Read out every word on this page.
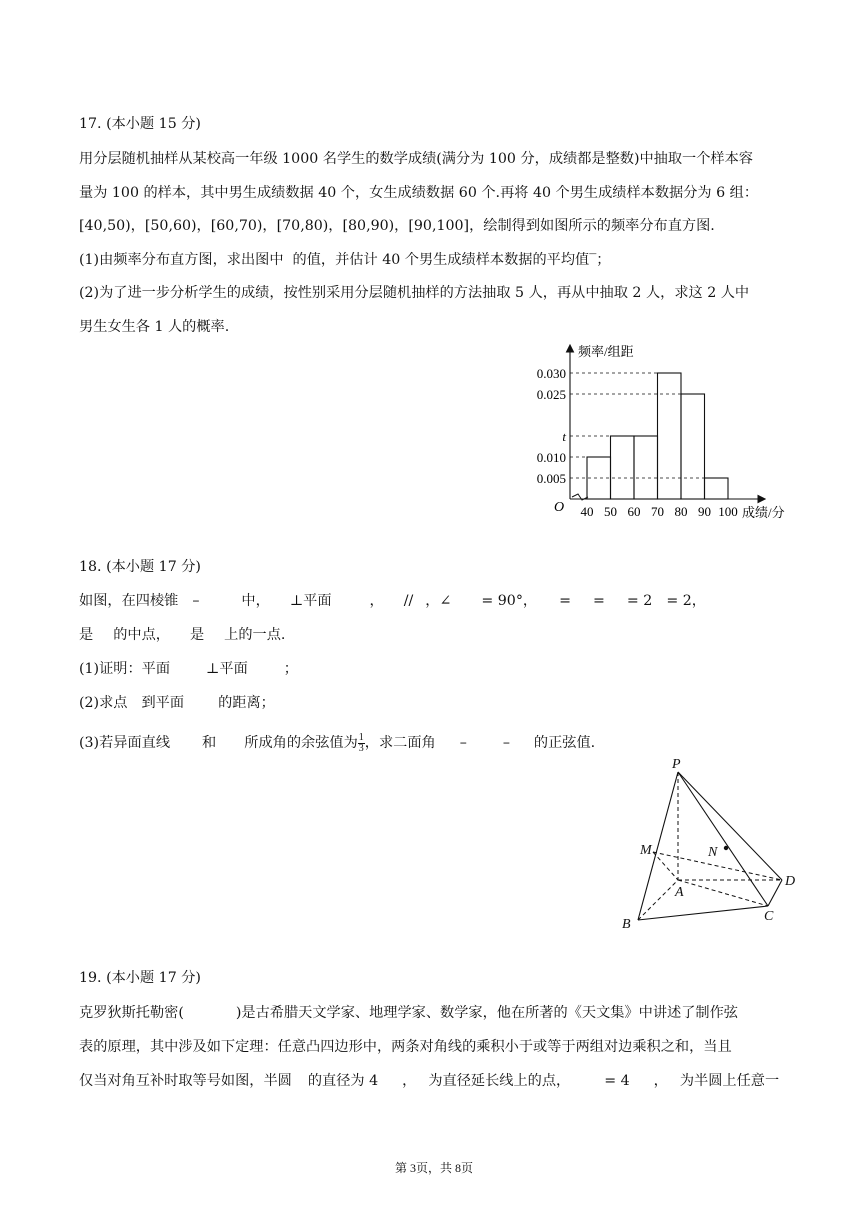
17. (本小题 15 分)
用分层随机抽样从某校高一年级 1000 名学生的数学成绩(满分为 100 分，成绩都是整数)中抽取一个样本容
量为 100 的样本，其中男生成绩数据 40 个，女生成绩数据 60 个.再将 40 个男生成绩样本数据分为 6 组：
[40,50)，[50,60)，[60,70)，[70,80)，[80,90)，[90,100]，绘制得到如图所示的频率分布直方图.
(1)由频率分布直方图，求出图中  的值，并估计 40 个男生成绩样本数据的平均值‾；
(2)为了进一步分析学生的成绩，按性别采用分层随机抽样的方法抽取 5 人，再从中抽取 2 人，求这 2 人中
男生女生各 1 人的概率.
0.030
0.025
t
0.010
0.005
40 50 60 70 80 90 100
O
频率/组距
成绩/分
18. (本小题 17 分)
如图，在四棱锥 –	中， ⊥平面	， // ，∠ = 90°， = = = 2 = 2，
是 的中点， 是 上的一点.
(1)证明：平面	⊥平面	；
(2)求点 到平面 的距离；
(3)若异面直线 和 所成角的余弦值为 $\frac{1}{3}$ ，求二面角 –	– 的正弦值.
P
M	N
A
D
B
C
19. (本小题 17 分)
克罗狄斯托勒密(	)是古希腊天文学家、地理学家、数学家，他在所著的《天文集》中讲述了制作弦
表的原理，其中涉及如下定理：任意凸四边形中，两条对角线的乘积小于或等于两组对边乘积之和，当且
仅当对角互补时取等号如图，半圆 的直径为 4 ， 为直径延长线上的点， = 4 ， 为半圆上任意一
第 3页，共 8页
